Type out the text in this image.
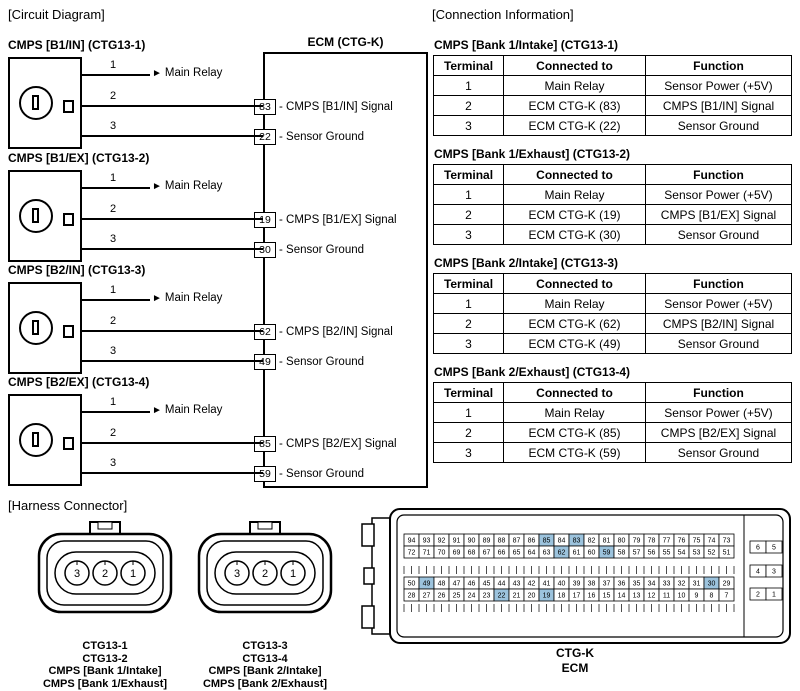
[Circuit Diagram]	[Connection Information]
[Harness Connector]
ECM (CTG-K)
83 - CMPS [B1/IN] Signal
22 - Sensor Ground
19 - CMPS [B1/EX] Signal
30 - Sensor Ground
62 - CMPS [B2/IN] Signal
49 - Sensor Ground
85 - CMPS [B2/EX] Signal
59 - Sensor Ground
CMPS [B1/IN] (CTG13-1)
1
2
3
► Main Relay
CMPS [B1/EX] (CTG13-2)
1
2
3
► Main Relay
CMPS [B2/IN] (CTG13-3)
1
2
3
► Main Relay
CMPS [B2/EX] (CTG13-4)
1
2
3
► Main Relay
CMPS [Bank 1/Intake] (CTG13-1)
Terminal	Connected to	Function
1	Main Relay	Sensor Power (+5V)
2	ECM CTG-K (83)	CMPS [B1/IN] Signal
3	ECM CTG-K (22)	Sensor Ground
CMPS [Bank 1/Exhaust] (CTG13-2)
Terminal	Connected to	Function
1	Main Relay	Sensor Power (+5V)
2	ECM CTG-K (19)	CMPS [B1/EX] Signal
3	ECM CTG-K (30)	Sensor Ground
CMPS [Bank 2/Intake] (CTG13-3)
Terminal	Connected to	Function
1	Main Relay	Sensor Power (+5V)
2	ECM CTG-K (62)	CMPS [B2/IN] Signal
3	ECM CTG-K (49)	Sensor Ground
CMPS [Bank 2/Exhaust] (CTG13-4)
Terminal	Connected to	Function
1	Main Relay	Sensor Power (+5V)
2	ECM CTG-K (85)	CMPS [B2/EX] Signal
3	ECM CTG-K (59)	Sensor Ground
3 2 1	3 2 1
CTG13-1
CTG13-2
CMPS [Bank 1/Intake]
CMPS [Bank 1/Exhaust]
CTG13-3
CTG13-4
CMPS [Bank 2/Intake]
CMPS [Bank 2/Exhaust]
94 93 92 91 90 89 88 87 86 85 84 83 82 81 80 79 78 77 76 75 74 73
72 71 70 69 68 67 66 65 64 63 62 61 60 59 58 57 56 55 54 53 52 51
50 49 48 47 46 45 44 43 42 41 40 39 38 37 36 35 34 33 32 31 30 29
28 27 26 25 24 23 22 21 20 19 18 17 16 15 14 13 12 11 10 9 8 7
6 5
4 3
2 1
CTG-K
ECM
